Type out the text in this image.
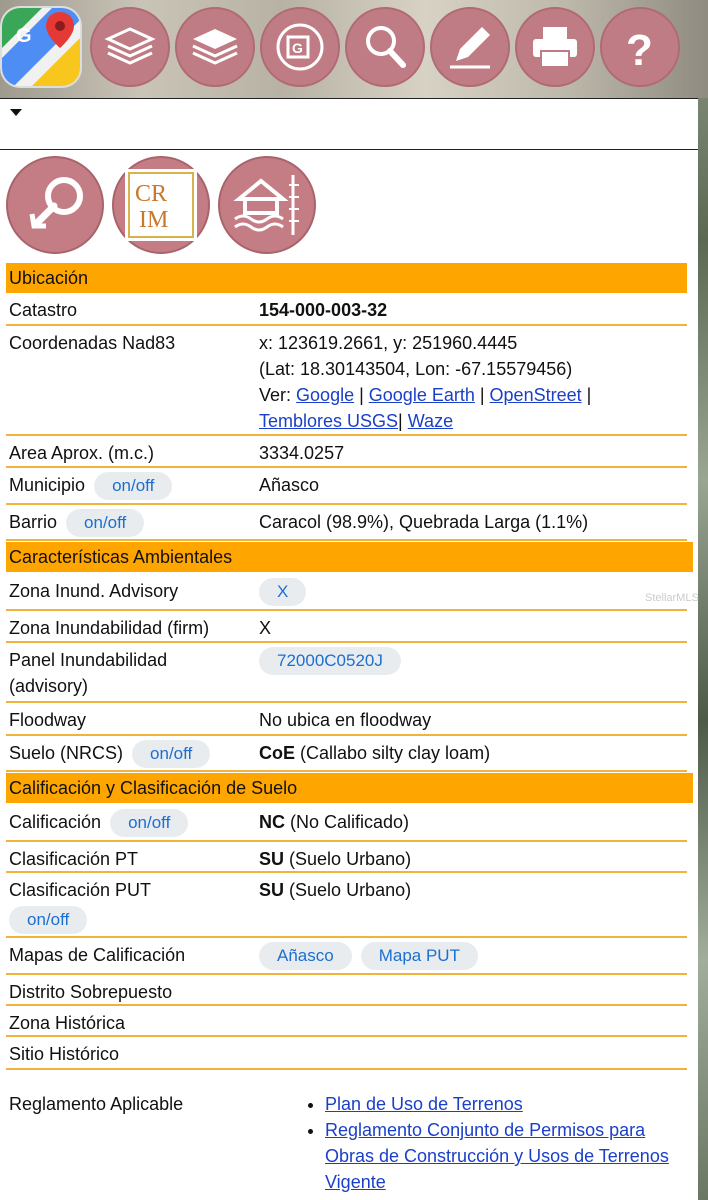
G
G	?
CR
IM
Ubicación
Catastro	154-000-003-32
Coordenadas Nad83	x: 123619.2661, y: 251960.4445
(Lat: 18.30143504, Lon: -67.15579456)
Ver: Google | Google Earth | OpenStreet |
Temblores USGS| Waze
Area Aprox. (m.c.)	3334.0257
Municipio on/off	Añasco
Barrio on/off	Caracol (98.9%), Quebrada Larga (1.1%)
Características Ambientales
Zona Inund. Advisory	X
Zona Inundabilidad (firm)	X
Panel Inundabilidad
(advisory)
72000C0520J
Floodway	No ubica en floodway
Suelo (NRCS) on/off	CoE (Callabo silty clay loam)
Calificación y Clasificación de Suelo
Calificación on/off	NC (No Calificado)
Clasificación PT	SU (Suelo Urbano)
Clasificación PUT
on/off
SU (Suelo Urbano)
Mapas de Calificación	Añasco	Mapa PUT
Distrito Sobrepuesto
Zona Histórica
Sitio Histórico
Reglamento Aplicable
•	Plan de Uso de Terrenos
• Reglamento Conjunto de Permisos para Obras de Construcción y Usos de Terrenos Vigente
StellarMLS
